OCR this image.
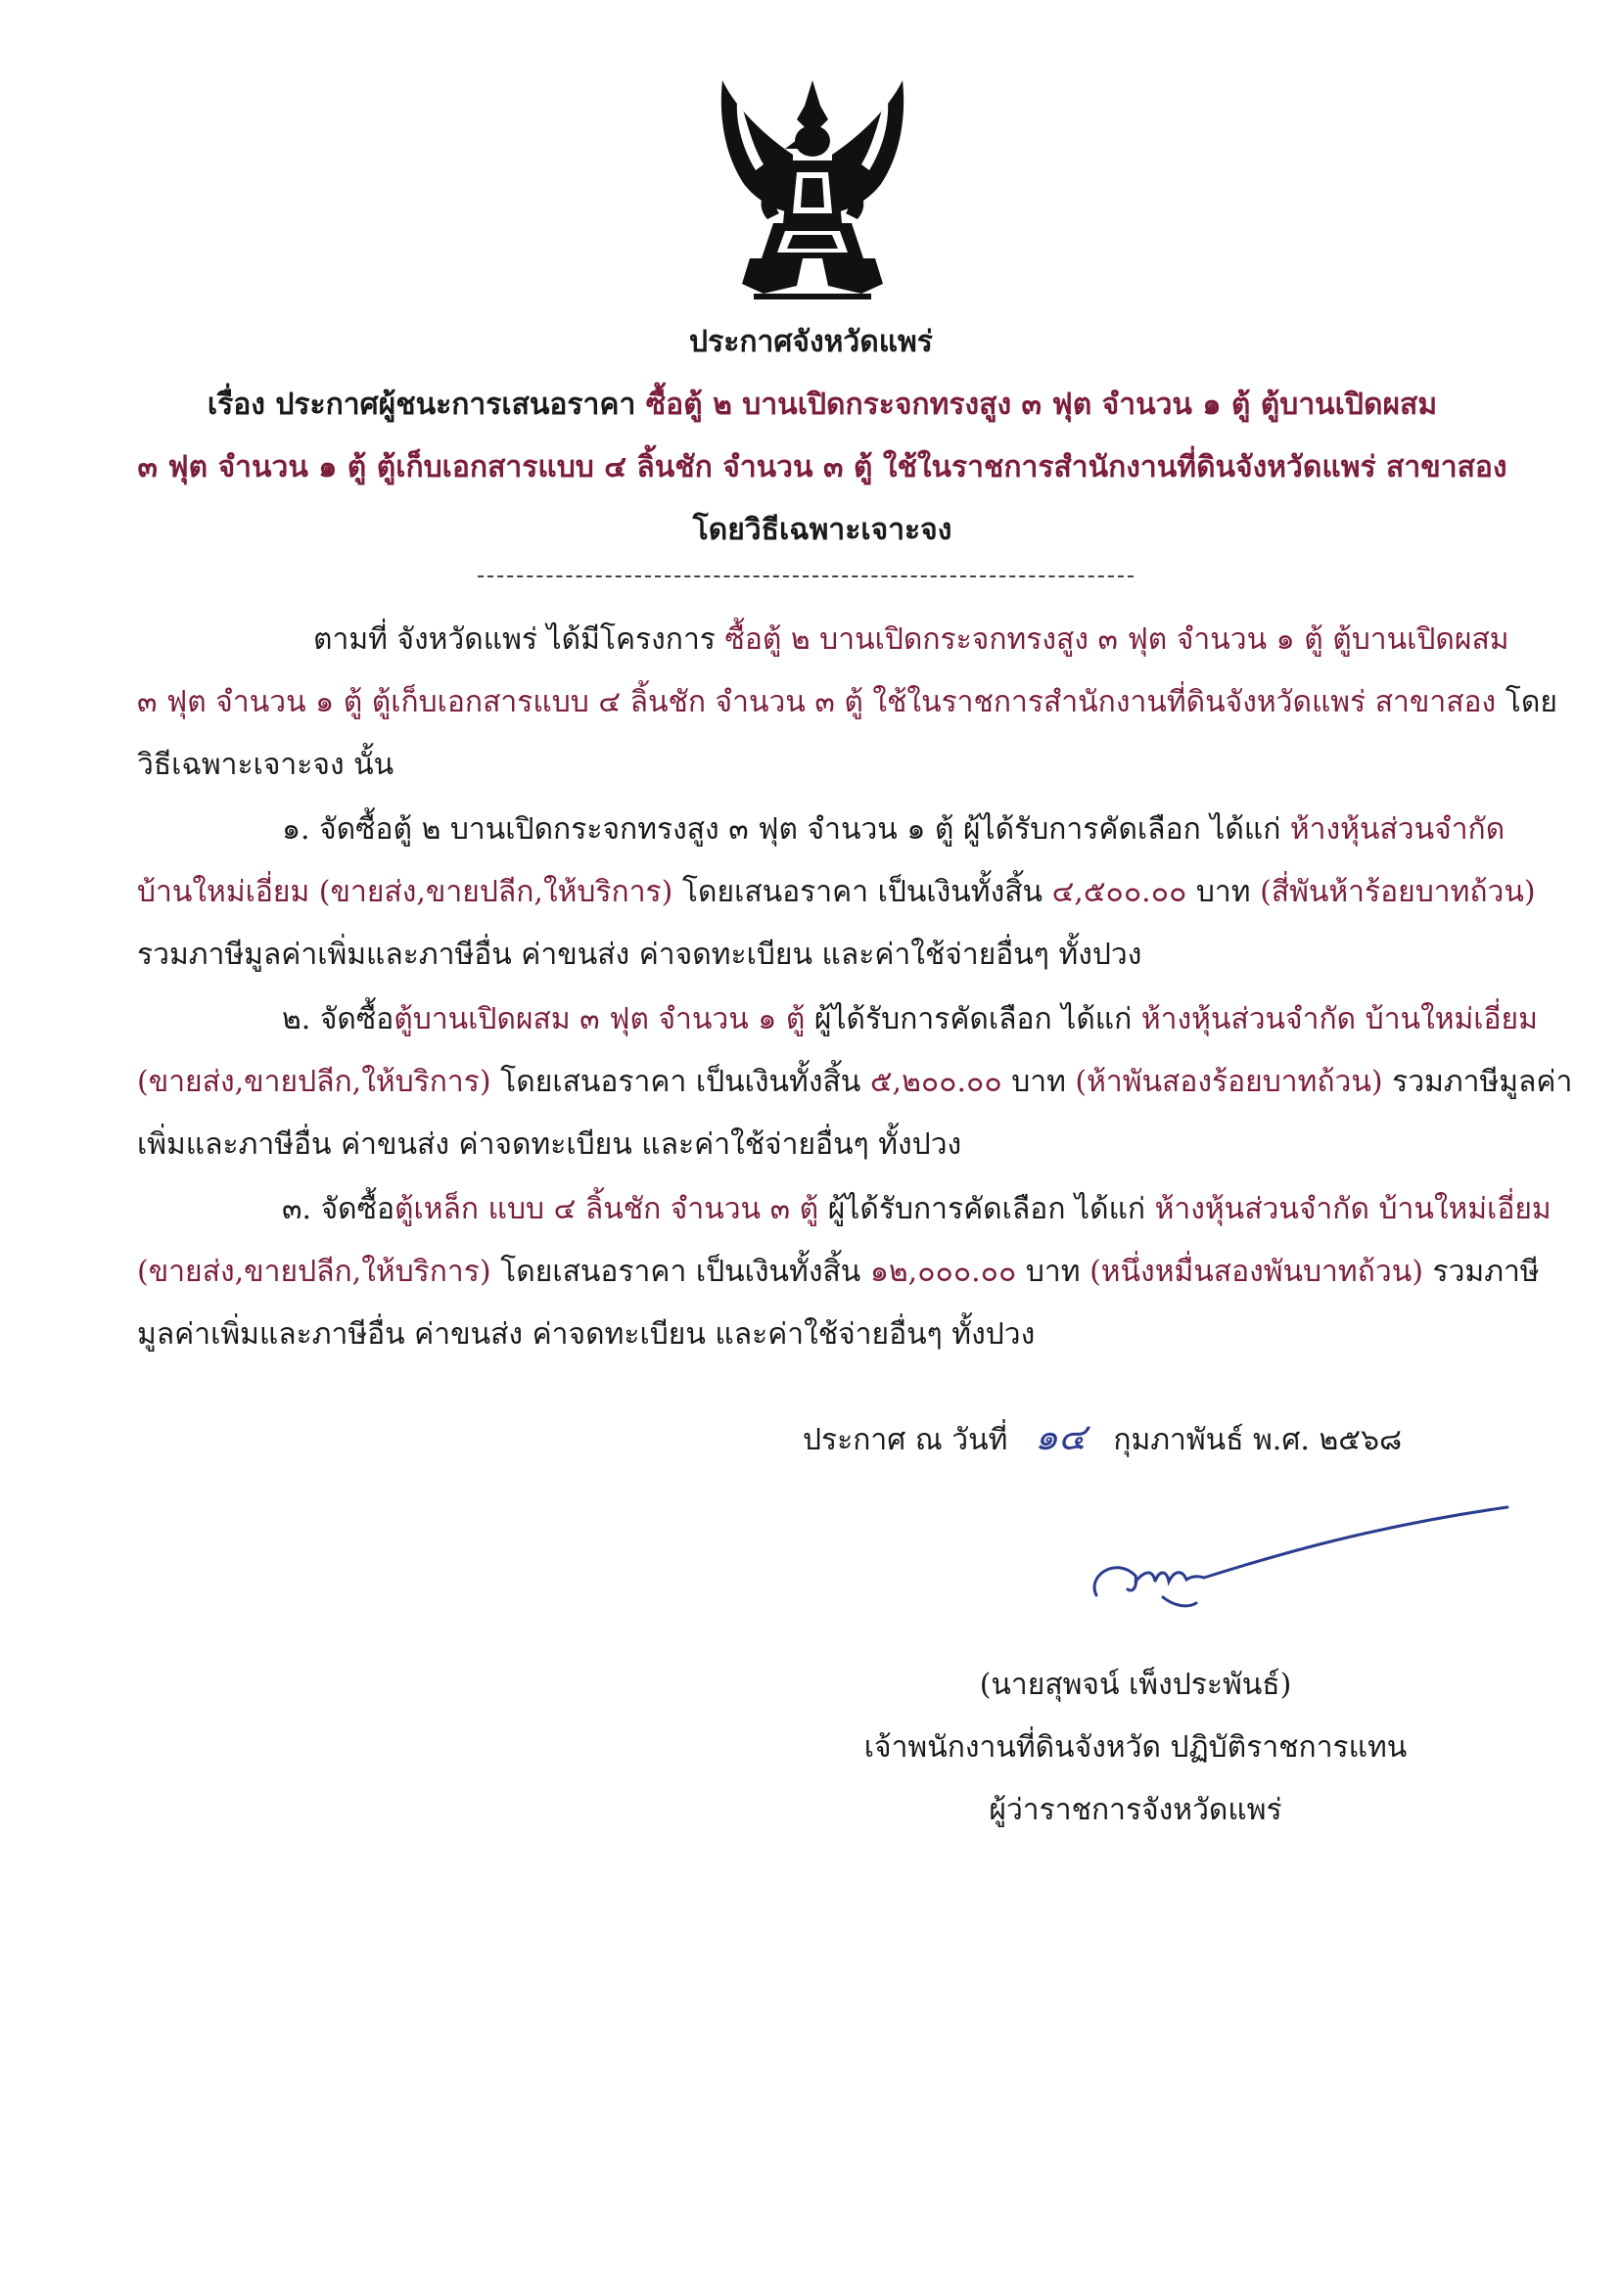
ประกาศจังหวัดแพร่
เรื่อง ประกาศผู้ชนะการเสนอราคา ซื้อตู้ ๒ บานเปิดกระจกทรงสูง ๓ ฟุต จำนวน ๑ ตู้ ตู้บานเปิดผสม
๓ ฟุต จำนวน ๑ ตู้ ตู้เก็บเอกสารแบบ ๔ ลิ้นชัก จำนวน ๓ ตู้ ใช้ในราชการสำนักงานที่ดินจังหวัดแพร่ สาขาสอง
โดยวิธีเฉพาะเจาะจง
ตามที่ จังหวัดแพร่ ได้มีโครงการ ซื้อตู้ ๒ บานเปิดกระจกทรงสูง ๓ ฟุต จำนวน ๑ ตู้ ตู้บานเปิดผสม
๓ ฟุต จำนวน ๑ ตู้ ตู้เก็บเอกสารแบบ ๔ ลิ้นชัก จำนวน ๓ ตู้ ใช้ในราชการสำนักงานที่ดินจังหวัดแพร่ สาขาสอง โดย
วิธีเฉพาะเจาะจง นั้น
๑. จัดซื้อตู้ ๒ บานเปิดกระจกทรงสูง ๓ ฟุต จำนวน ๑ ตู้ ผู้ได้รับการคัดเลือก ได้แก่ ห้างหุ้นส่วนจำกัด
บ้านใหม่เอี่ยม (ขายส่ง,ขายปลีก,ให้บริการ) โดยเสนอราคา เป็นเงินทั้งสิ้น ๔,๕๐๐.๐๐ บาท (สี่พันห้าร้อยบาทถ้วน)
รวมภาษีมูลค่าเพิ่มและภาษีอื่น ค่าขนส่ง ค่าจดทะเบียน และค่าใช้จ่ายอื่นๆ ทั้งปวง
๒. จัดซื้อตู้บานเปิดผสม ๓ ฟุต จำนวน ๑ ตู้ ผู้ได้รับการคัดเลือก ได้แก่ ห้างหุ้นส่วนจำกัด บ้านใหม่เอี่ยม
(ขายส่ง,ขายปลีก,ให้บริการ) โดยเสนอราคา เป็นเงินทั้งสิ้น ๕,๒๐๐.๐๐ บาท (ห้าพันสองร้อยบาทถ้วน) รวมภาษีมูลค่า
เพิ่มและภาษีอื่น ค่าขนส่ง ค่าจดทะเบียน และค่าใช้จ่ายอื่นๆ ทั้งปวง
๓. จัดซื้อตู้เหล็ก แบบ ๔ ลิ้นชัก จำนวน ๓ ตู้ ผู้ได้รับการคัดเลือก ได้แก่ ห้างหุ้นส่วนจำกัด บ้านใหม่เอี่ยม
(ขายส่ง,ขายปลีก,ให้บริการ) โดยเสนอราคา เป็นเงินทั้งสิ้น ๑๒,๐๐๐.๐๐ บาท (หนึ่งหมื่นสองพันบาทถ้วน) รวมภาษี
มูลค่าเพิ่มและภาษีอื่น ค่าขนส่ง ค่าจดทะเบียน และค่าใช้จ่ายอื่นๆ ทั้งปวง
ประกาศ ณ วันที่ ๑๔ กุมภาพันธ์ พ.ศ. ๒๕๖๘
(นายสุพจน์ เพ็งประพันธ์)
เจ้าพนักงานที่ดินจังหวัด ปฏิบัติราชการแทน
ผู้ว่าราชการจังหวัดแพร่
